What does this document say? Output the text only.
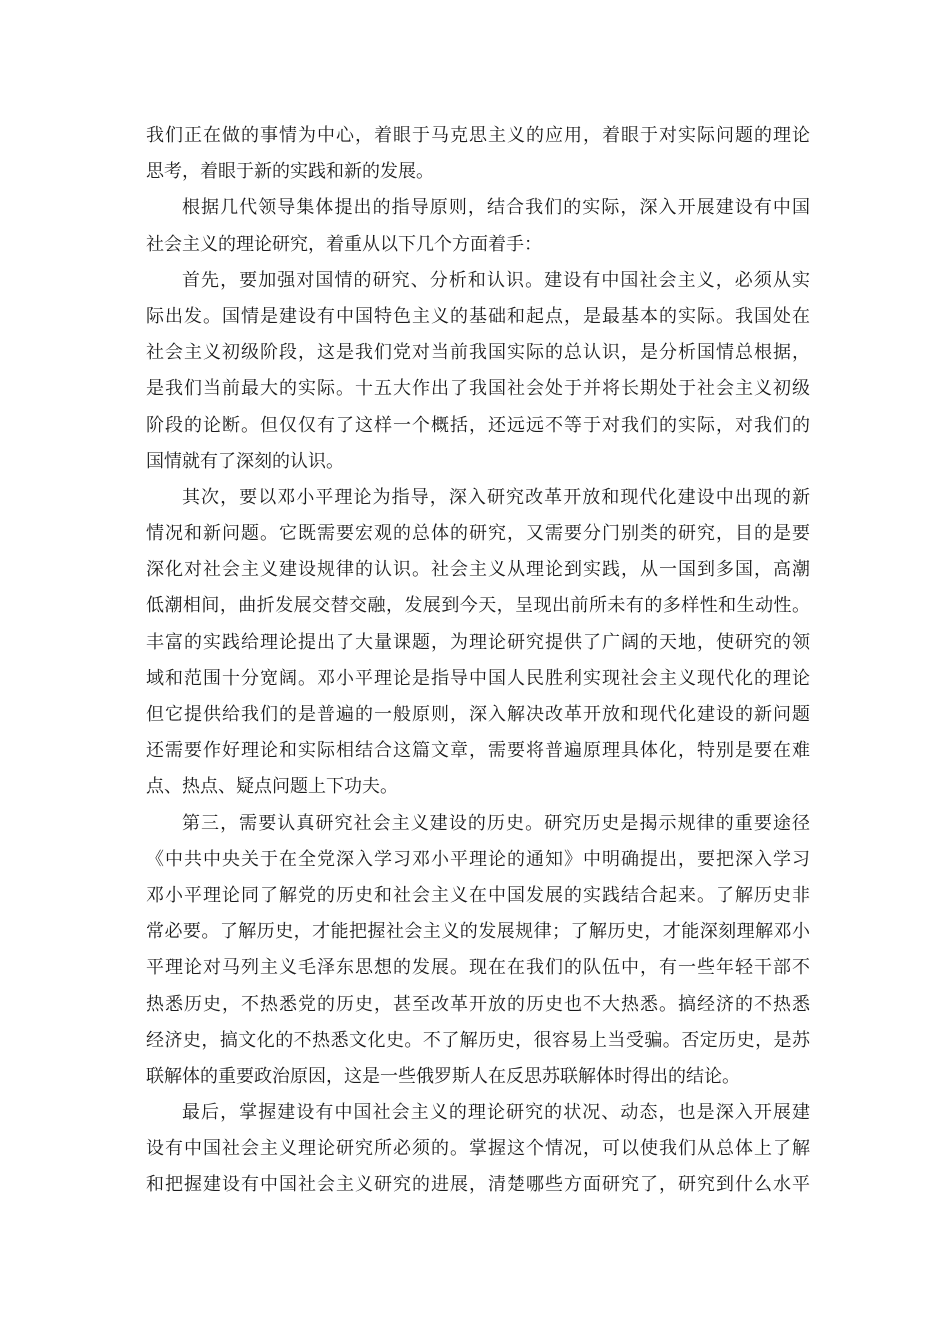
我们正在做的事情为中心，着眼于马克思主义的应用，着眼于对实际问题的理论
思考，着眼于新的实践和新的发展。
根据几代领导集体提出的指导原则，结合我们的实际，深入开展建设有中国
社会主义的理论研究，着重从以下几个方面着手：
首先，要加强对国情的研究、分析和认识。建设有中国社会主义，必须从实
际出发。国情是建设有中国特色主义的基础和起点，是最基本的实际。我国处在
社会主义初级阶段，这是我们党对当前我国实际的总认识，是分析国情总根据，
是我们当前最大的实际。十五大作出了我国社会处于并将长期处于社会主义初级
阶段的论断。但仅仅有了这样一个概括，还远远不等于对我们的实际，对我们的
国情就有了深刻的认识。
其次，要以邓小平理论为指导，深入研究改革开放和现代化建设中出现的新
情况和新问题。它既需要宏观的总体的研究，又需要分门别类的研究，目的是要
深化对社会主义建设规律的认识。社会主义从理论到实践，从一国到多国，高潮
低潮相间，曲折发展交替交融，发展到今天，呈现出前所未有的多样性和生动性。
丰富的实践给理论提出了大量课题，为理论研究提供了广阔的天地，使研究的领
域和范围十分宽阔。邓小平理论是指导中国人民胜利实现社会主义现代化的理论
但它提供给我们的是普遍的一般原则，深入解决改革开放和现代化建设的新问题
还需要作好理论和实际相结合这篇文章，需要将普遍原理具体化，特别是要在难
点、热点、疑点问题上下功夫。
第三，需要认真研究社会主义建设的历史。研究历史是揭示规律的重要途径
《中共中央关于在全党深入学习邓小平理论的通知》中明确提出，要把深入学习
邓小平理论同了解党的历史和社会主义在中国发展的实践结合起来。了解历史非
常必要。了解历史，才能把握社会主义的发展规律；了解历史，才能深刻理解邓小
平理论对马列主义毛泽东思想的发展。现在在我们的队伍中，有一些年轻干部不
热悉历史，不热悉党的历史，甚至改革开放的历史也不大热悉。搞经济的不热悉
经济史，搞文化的不热悉文化史。不了解历史，很容易上当受骗。否定历史，是苏
联解体的重要政治原因，这是一些俄罗斯人在反思苏联解体时得出的结论。
最后，掌握建设有中国社会主义的理论研究的状况、动态，也是深入开展建
设有中国社会主义理论研究所必须的。掌握这个情况，可以使我们从总体上了解
和把握建设有中国社会主义研究的进展，清楚哪些方面研究了，研究到什么水平
